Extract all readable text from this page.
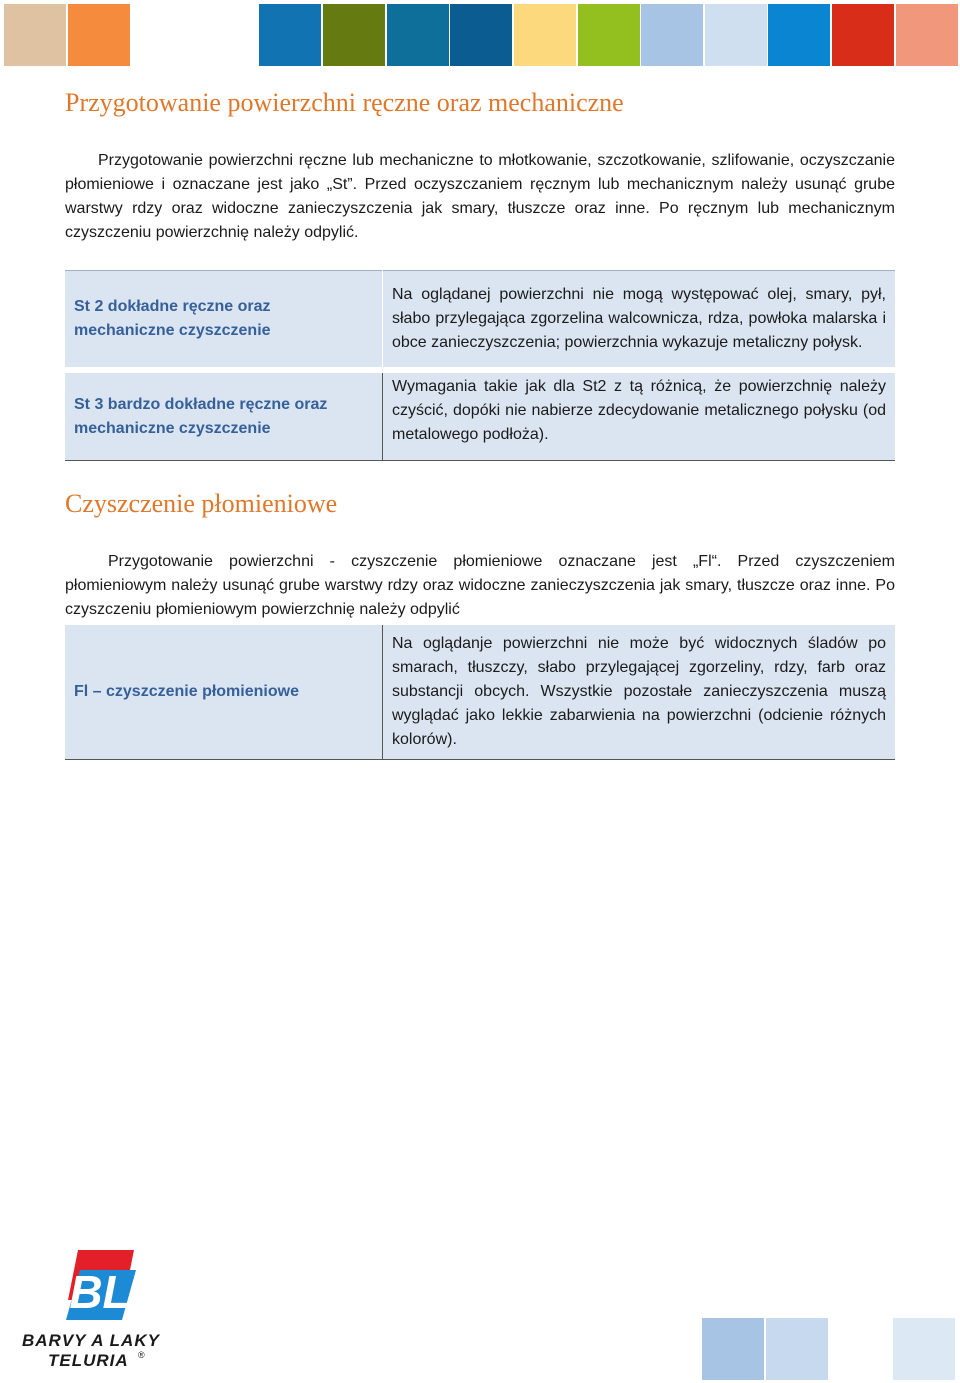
Przygotowanie powierzchni ręczne oraz mechaniczne

Przygotowanie powierzchni ręczne lub mechaniczne to młotkowanie, szczotkowanie, szlifowanie, oczyszczanie płomieniowe i oznaczane jest jako „St”. Przed oczyszczaniem ręcznym lub mechanicznym należy usunąć grube warstwy rdzy oraz widoczne zanieczyszczenia jak smary, tłuszcze oraz inne. Po ręcznym lub mechanicznym czyszczeniu powierzchnię należy odpylić.

St 2 dokładne ręczne oraz mechaniczne czyszczenie	Na oglądanej powierzchni nie mogą występować olej, smary, pył, słabo przylegająca zgorzelina walcownicza, rdza, powłoka malarska i obce zanieczyszczenia; powierzchnia wykazuje metaliczny połysk.
St 3 bardzo dokładne ręczne oraz mechaniczne czyszczenie	Wymagania takie jak dla St2 z tą różnicą, że powierzchnię należy czyścić, dopóki nie nabierze zdecydowanie metalicznego połysku (od metalowego podłoża).

Czyszczenie płomieniowe

Przygotowanie powierzchni - czyszczenie płomieniowe oznaczane jest „Fl“. Przed czyszczeniem płomieniowym należy usunąć grube warstwy rdzy oraz widoczne zanieczyszczenia jak smary, tłuszcze oraz inne. Po czyszczeniu płomieniowym powierzchnię należy odpylić

Fl – czyszczenie płomieniowe	Na oglądanje powierzchni nie może być widocznych śladów po smarach, tłuszczy, słabo przylegającej zgorzeliny, rdzy, farb oraz substancji obcych. Wszystkie pozostałe zanieczyszczenia muszą wyglądać jako lekkie zabarwienia na powierzchni (odcienie różnych kolorów).

BL
BARVY A LAKY
TELURIA ®
